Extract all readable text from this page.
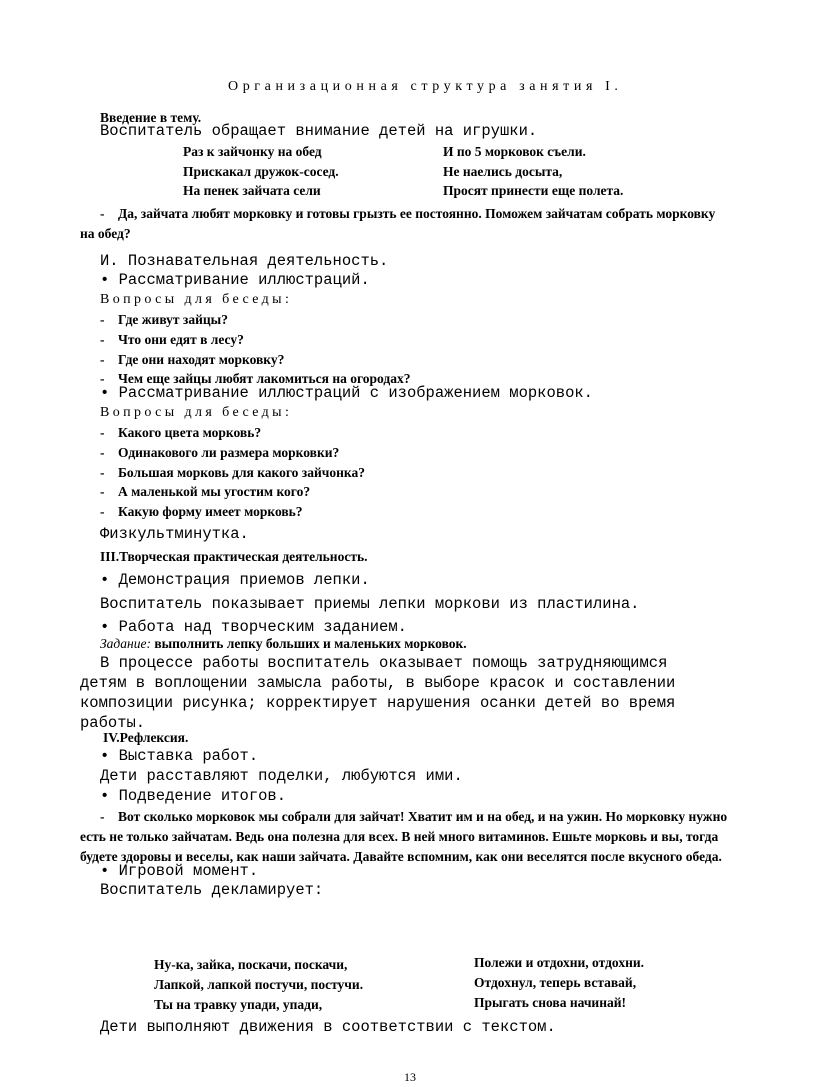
Организационная структура занятия I.
Введение в тему.
Воспитатель обращает внимание детей на игрушки.
Раз к зайчонку на обед
Прискакал дружок-сосед.
На пенек зайчата сели
И по 5 морковок съели.
Не наелись досыта,
Просят принести еще полета.
- Да, зайчата любят морковку и готовы грызть ее постоянно. Поможем зайчатам собрать морковку
на обед?
И. Познавательная деятельность.
• Рассматривание иллюстраций.
Вопросы для беседы:
- Где живут зайцы?
- Что они едят в лесу?
- Где они находят морковку?
- Чем еще зайцы любят лакомиться на огородах?
• Рассматривание иллюстраций с изображением морковок.
Вопросы для беседы:
- Какого цвета морковь?
- Одинакового ли размера морковки?
- Большая морковь для какого зайчонка?
- А маленькой мы угостим кого?
- Какую форму имеет морковь?
Физкультминутка.
III.Творческая практическая деятельность.
• Демонстрация приемов лепки.
Воспитатель показывает приемы лепки моркови из пластилина.
• Работа над творческим заданием.
Задание: выполнить лепку больших и маленьких морковок.
В процессе работы воспитатель оказывает помощь затрудняющимся
детям в воплощении замысла работы, в выборе красок и составлении
композиции рисунка; корректирует нарушения осанки детей во время
работы.
IV.Рефлексия.
• Выставка работ.
Дети расставляют поделки, любуются ими.
• Подведение итогов.
- Вот сколько морковок мы собрали для зайчат! Хватит им и на обед, и на ужин. Но морковку нужно
есть не только зайчатам. Ведь она полезна для всех. В ней много витаминов. Ешьте морковь и вы, тогда
будете здоровы и веселы, как наши зайчата. Давайте вспомним, как они веселятся после вкусного обеда.
• Игровой момент.
Воспитатель декламирует:
Ну-ка, зайка, поскачи, поскачи,
Лапкой, лапкой постучи, постучи.
Ты на травку упади, упади,
Полежи и отдохни, отдохни.
Отдохнул, теперь вставай,
Прыгать снова начинай!
Дети выполняют движения в соответствии с текстом.
13
